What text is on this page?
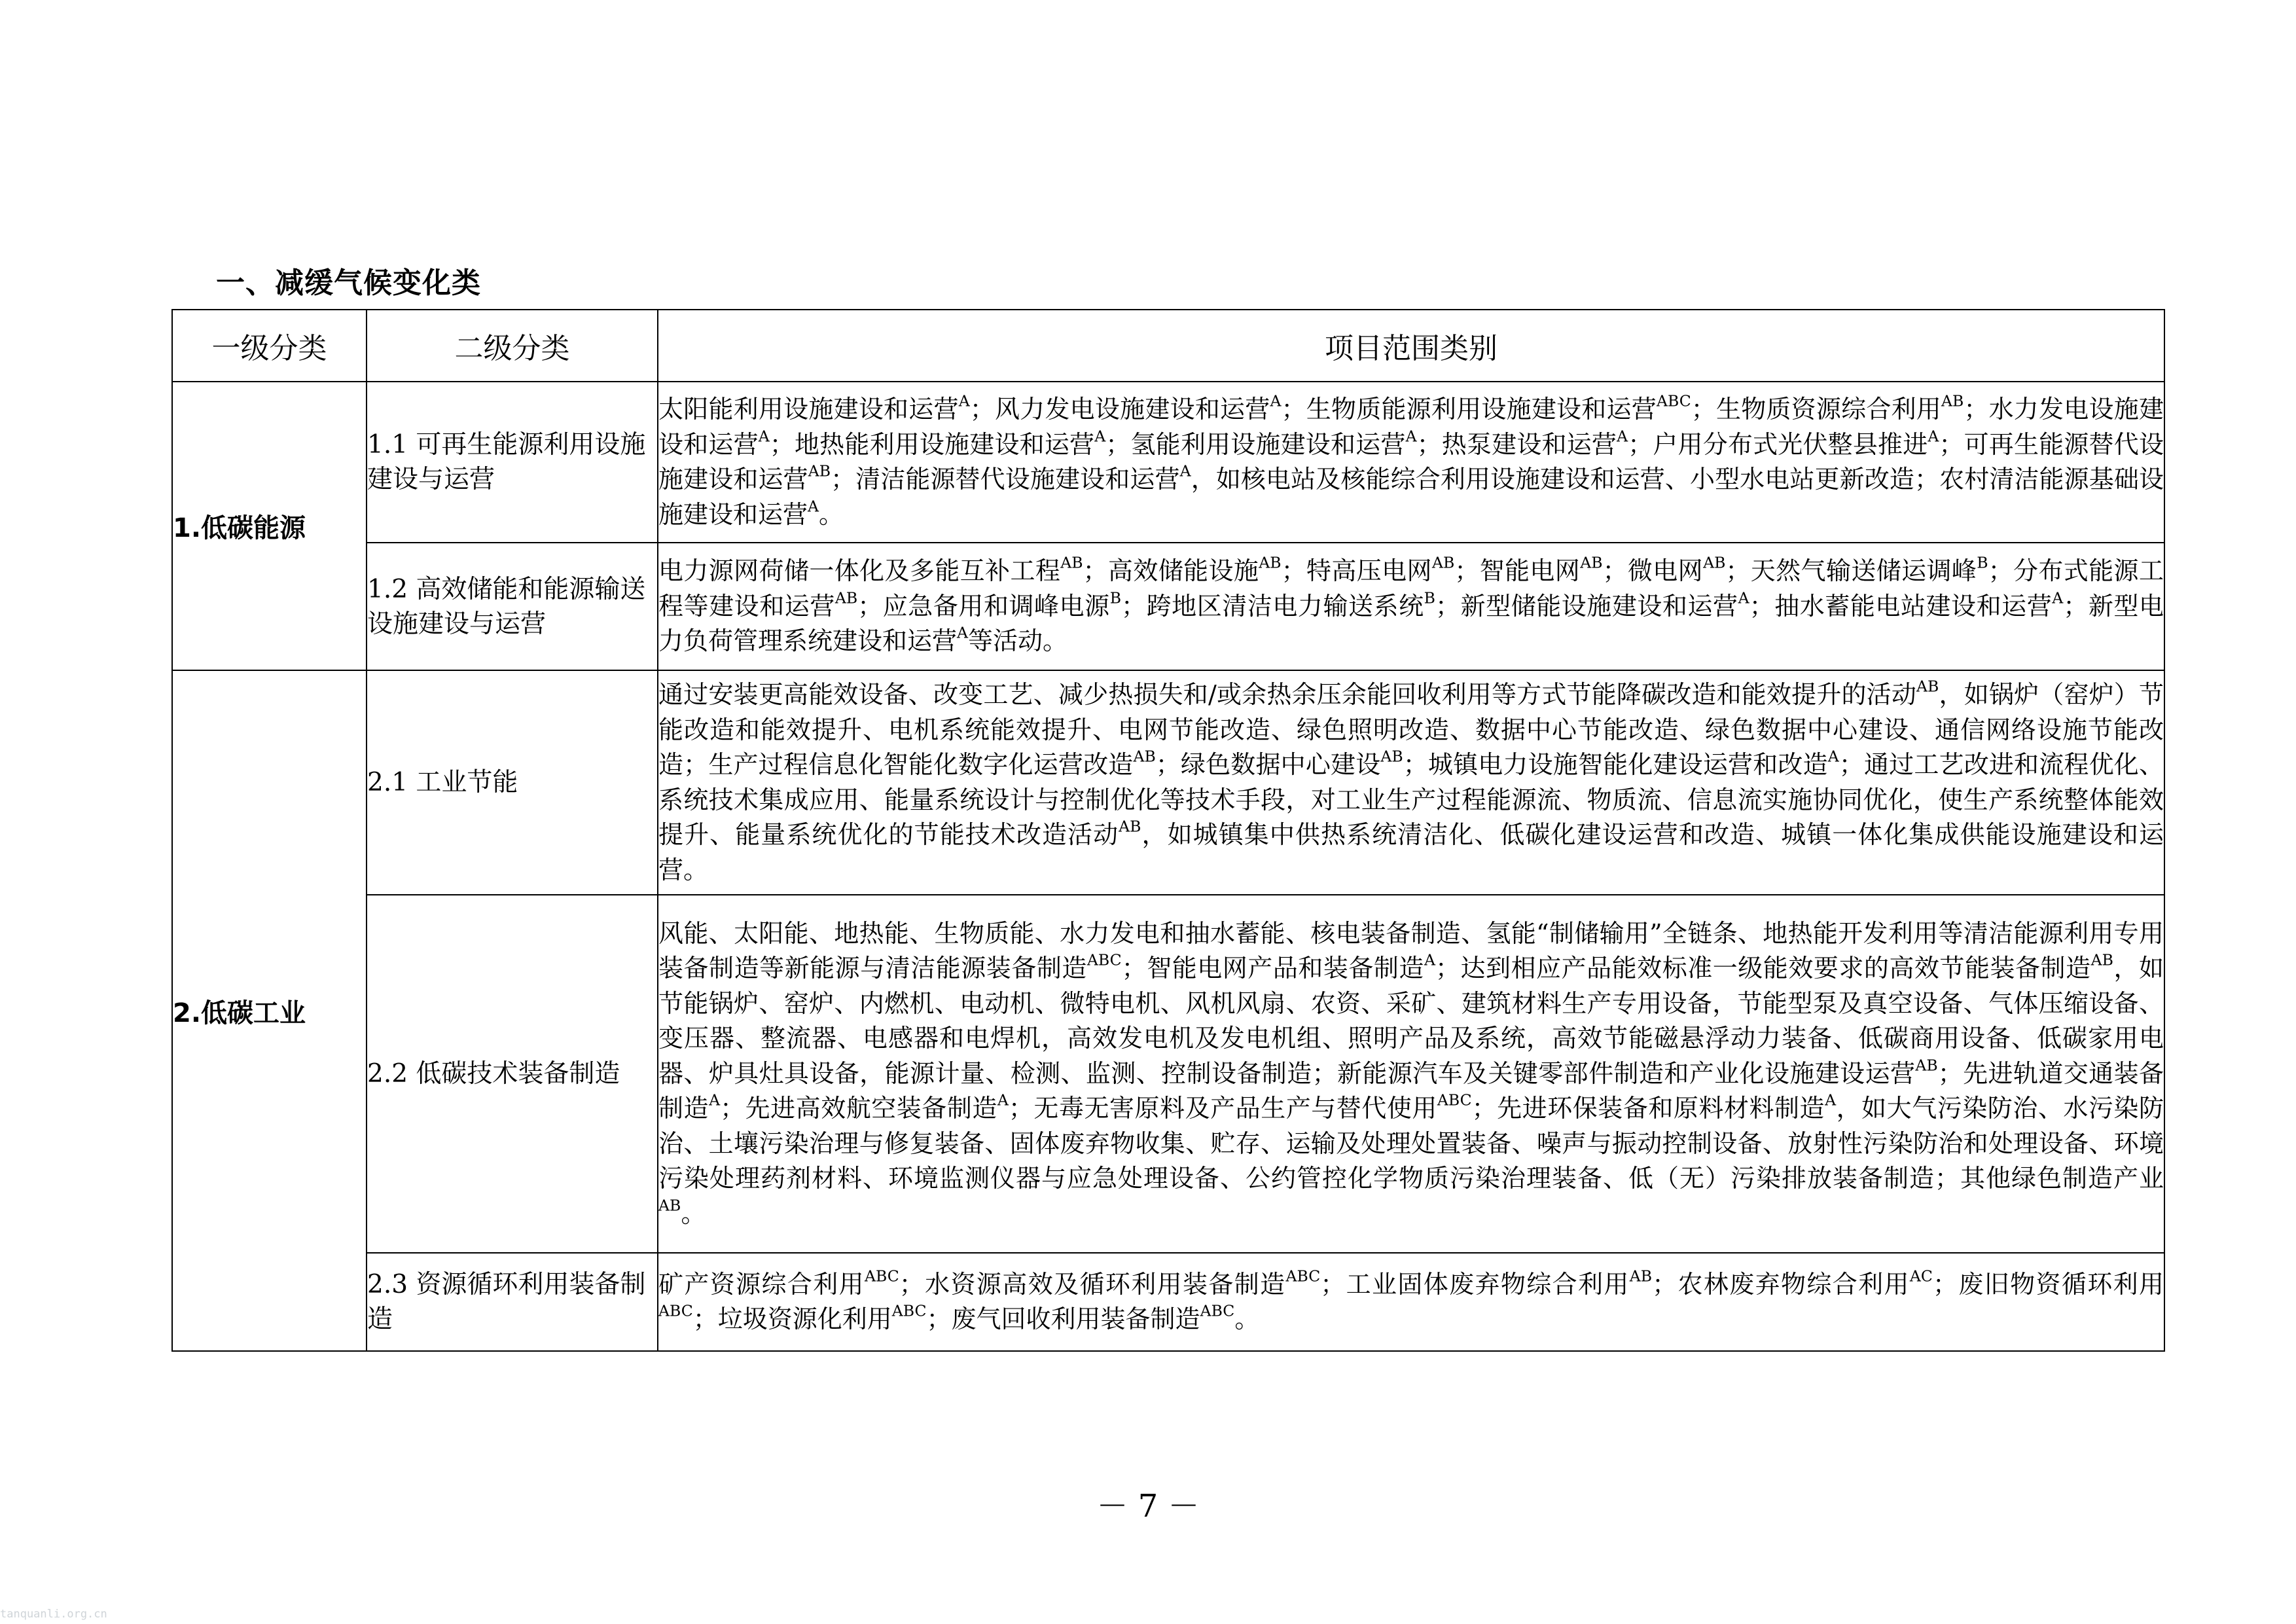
一、减缓气候变化类
一级分类	二级分类	项目范围类别
1.低碳能源	1.1 可再生能源利用设施建设与运营	太阳能利用设施建设和运营$^A$；风力发电设施建设和运营$^A$；生物质能源利用设施建设和运营$^{ABC}$；生物质资源综合利用$^{AB}$；水力发电设施建设和运营$^A$；地热能利用设施建设和运营$^A$；氢能利用设施建设和运营$^A$；热泵建设和运营$^A$；户用分布式光伏整县推进$^A$；可再生能源替代设施建设和运营$^{AB}$；清洁能源替代设施建设和运营$^A$，如核电站及核能综合利用设施建设和运营、小型水电站更新改造；农村清洁能源基础设施建设和运营$^A$。
	1.2 高效储能和能源输送设施建设与运营	电力源网荷储一体化及多能互补工程$^{AB}$；高效储能设施$^{AB}$；特高压电网$^{AB}$；智能电网$^{AB}$；微电网$^{AB}$；天然气输送储运调峰$^B$；分布式能源工程等建设和运营$^{AB}$；应急备用和调峰电源$^B$；跨地区清洁电力输送系统$^B$；新型储能设施建设和运营$^A$；抽水蓄能电站建设和运营$^A$；新型电力负荷管理系统建设和运营$^A$等活动。
2.低碳工业	2.1 工业节能	通过安装更高能效设备、改变工艺、减少热损失和/或余热余压余能回收利用等方式节能降碳改造和能效提升的活动$^{AB}$，如锅炉（窑炉）节能改造和能效提升、电机系统能效提升、电网节能改造、绿色照明改造、数据中心节能改造、绿色数据中心建设、通信网络设施节能改造；生产过程信息化智能化数字化运营改造$^{AB}$；绿色数据中心建设$^{AB}$；城镇电力设施智能化建设运营和改造$^A$；通过工艺改进和流程优化、系统技术集成应用、能量系统设计与控制优化等技术手段，对工业生产过程能源流、物质流、信息流实施协同优化，使生产系统整体能效提升、能量系统优化的节能技术改造活动$^{AB}$，如城镇集中供热系统清洁化、低碳化建设运营和改造、城镇一体化集成供能设施建设和运营。
	2.2 低碳技术装备制造	风能、太阳能、地热能、生物质能、水力发电和抽水蓄能、核电装备制造、氢能“制储输用”全链条、地热能开发利用等清洁能源利用专用装备制造等新能源与清洁能源装备制造$^{ABC}$；智能电网产品和装备制造$^A$；达到相应产品能效标准一级能效要求的高效节能装备制造$^{AB}$，如节能锅炉、窑炉、内燃机、电动机、微特电机、风机风扇、农资、采矿、建筑材料生产专用设备，节能型泵及真空设备、气体压缩设备、变压器、整流器、电感器和电焊机，高效发电机及发电机组、照明产品及系统，高效节能磁悬浮动力装备、低碳商用设备、低碳家用电器、炉具灶具设备，能源计量、检测、监测、控制设备制造；新能源汽车及关键零部件制造和产业化设施建设运营$^{AB}$；先进轨道交通装备制造$^A$；先进高效航空装备制造$^A$；无毒无害原料及产品生产与替代使用$^{ABC}$；先进环保装备和原料材料制造$^A$，如大气污染防治、水污染防治、土壤污染治理与修复装备、固体废弃物收集、贮存、运输及处理处置装备、噪声与振动控制设备、放射性污染防治和处理设备、环境污染处理药剂材料、环境监测仪器与应急处理设备、公约管控化学物质污染治理装备、低（无）污染排放装备制造；其他绿色制造产业$^{AB}$。
	2.3 资源循环利用装备制造	矿产资源综合利用$^{ABC}$；水资源高效及循环利用装备制造$^{ABC}$；工业固体废弃物综合利用$^{AB}$；农林废弃物综合利用$^{AC}$；废旧物资循环利用$^{ABC}$；垃圾资源化利用$^{ABC}$；废气回收利用装备制造$^{ABC}$。
－ 7 －
tanquanli.org.cn
